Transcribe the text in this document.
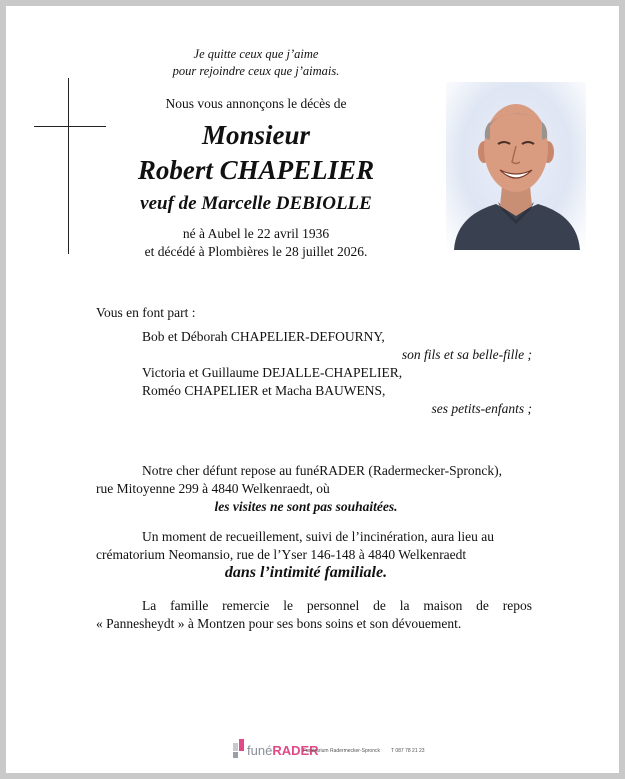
Je quitte ceux que j’aime
pour rejoindre ceux que j’aimais.
Nous vous annonçons le décès de
Monsieur
Robert CHAPELIER
veuf de Marcelle DEBIOLLE
né à Aubel le 22 avril 1936
et décédé à Plombières le 28 juillet 2026.
Vous en font part :
Bob et Déborah CHAPELIER-DEFOURNY,
son fils et sa belle-fille ;
Victoria et Guillaume DEJALLE-CHAPELIER,
Roméo CHAPELIER et Macha BAUWENS,
ses petits-enfants ;
Notre cher défunt repose au funéRADER (Radermecker-Spronck),
rue Mitoyenne 299 à 4840 Welkenraedt, où
les visites ne sont pas souhaitées.
Un moment de recueillement, suivi de l’incinération, aura lieu au
crématorium Neomansio, rue de l’Yser 146-148 à 4840 Welkenraedt
dans l’intimité familiale.
La famille remercie le personnel de la maison de repos
« Pannesheydt » à Montzen pour ses bons soins et son dévouement.
funéRADER
Funérarium Radermecker-Spronck T 087 78 21 23
